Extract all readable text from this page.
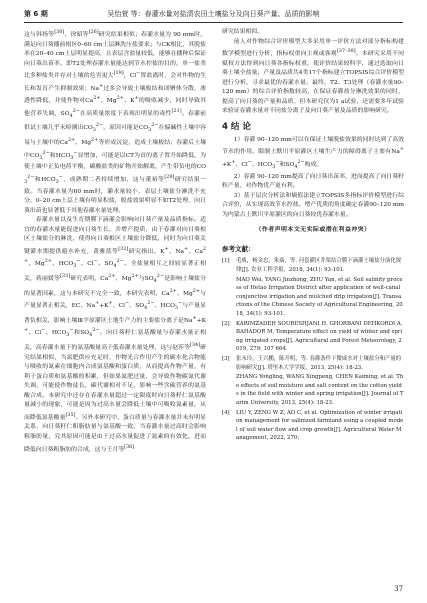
第 6 期	吴怡萱 等：春灌水量对盐渍农田土壤盐分及向日葵产量、品质的影响

这与韩扬等[30]、徐昭等[26]研究结果相似；春灌水量为 90 mm时，满足向日葵播前根区0–60 cm土层淋洗压盐要求；与CK相比，其脱盐率在20–40 cm土层明显提高，且表层含盐量较低，能够在播种后保证向日葵出苗率，即T2处理春灌水量能达到节水控盐的目的，单一盐类比多种盐类并存对土壤的危害更大[19]，Cl−置盐离时，会对作物的生长和发育产生抑制效果；Na+过多会导致土壤板结和团聚体分散，渗透性降低，并使作物对$Ca^{2+}$、$Mg^{2+}$、K+的吸收减少，同时导致其他营养失调，$SO_4^{2-}$在高质量浓度下表现出明显的毒性[21]。春灌前供试土壤几乎未检测出$CO_3^{2-}$，原因可能是$CO_3^{2-}$在偏碱性土壤中容易与土壤中的$Ca^{2+}$、$Mg^{2+}$等形成沉淀，造成土壤板结；春灌后土壤中$CO_3^{2-}$和$HCO_3^-$显增加，可能是以CT为首的离子置升始降低，为使土壤中正负电荷平衡，碳酸盐类的矿物开始解离，产生带负电的$CO_3^{2-}$和$HCO_3^-$，成熟期二者持续增加，这与董裕等[29]研究结果一致。当春灌水量为60 mm时，灌水量较小，表层土壤盐分淋洗不充分，0–20 cm土层土壤有明显积盐，脱盐效果明显不如T2处理，向日葵出苗也显著低于其他春灌水量处理。

春灌水量以及生育期膜下滴灌会影响向日葵产量及品质指标。适宜的春灌水量能促进向日葵生长，并增产提质，由于春灌对向日葵根区土壤盐分的淋洗，使得向日葵根区土壤盐分降低，同时为向日葵关键灌水期提供避水补充，黄雅蓝等[32]研究指出，K+、Na+、$Ca^{2+}$、$Mg^{2+}$、$HCO_3^-$、Cl−、$SO_4^{2-}$、全盐量相互之间较显著正相关，蒋丽媛等[33]研究表明，$Ca^{2+}$、$Mg^{2+}$与$SO_4^{2-}$是影响土壤盐分的显著因素，这与本研究不完全一致，本研究表明，$Ca^{2+}$、$Mg^{2+}$与产量显著正相关，EC、Na++K+、Cl−、$SO_4^{2-}$、$HCO_3^-$与产量显著负相关，影响土壤Ⅲ平原灌区土地生产力的主要盐分离子是Na++K+、Cl−、$HCO_3^-$和$SO_4^{2-}$。向日葵籽仁氨基酸量与春灌水量正相关，高春灌水量下的氨基酸量高于低春灌水量处理，这与赵莎等[34]研究结果相似，当氮肥供应充足时，作物光合作用产生的碳水化合物能与吸收的氮素在细胞内合成氨基酸和蛋白质，从而提高作物产量，有利于蛋白质和氨基酸的积累，但如果氮肥过量，会导致作物碳氮代谢失调，可能使作物徒长，碳代谢相对不足，影响一些含碳营养的氨基酸合成。本研究中还存在春灌水量超过一定限度时向日葵籽仁氨基酸量减小的现象，可能是因为过高水量会降低土壤中可吸收氮素量，从而降低氮基酸量[35]。另外本研究中，蛋白质量与春灌水量并未有明显关系，向日葵籽仁粗脂肪量与氨基酸一致，当春灌水量过高时会影响粗脂肪量，究其原因可能是由于过高水量促进了氮素的有效化，进而降低向日葵粗脂肪的合成，这与王月等[36]

研究结果相似。

前人对作物综合评价模型大多采用单一评价方法对部分指标构建数学模型进行分析，指标权重向主观或客观[37–38]。本研究采用不同赋权方法得到向日葵各指标权重，使评价结果较科学，通过选取向日葵土壤全盐量、产量及品质共4类17个指标建立TOPSIS综合评价模型进行分析，寻求最优的春灌水量。最终，T2、T3处理（春灌水量90–120 mm）的综合评价指数较高，在保证春灌盐分淋洗效果的同时，提高了向日葵的产量和品质。但本研究仅为1 a试验，还需要多年试验来验证春灌水量对不同盐分离子及向日葵产量及品质的影响研究。

4 结 论

1）春灌 90–120 mm可以在保证土壤脱盐效果的同时达到了高效节水的作用。限制土默川平原灌区土壤生产力的障碍离子主要有Na++K+、Cl−、$HCO_3^-$和$SO_4^{2-}$构成。

2）春灌 90–120 mm提高了向日葵出苗率，进而提高了向日葵籽粒产量，对作物优产更有利。

3）基于层次分析法和熵值法建立TOPSIS多指标评价模型进行综合评价，从实现高效节水控盐、增产优质的角度确定春灌90–120 mm为内蒙古土默川平原灌区的向日葵较优春灌水量。

（作者声明本文无实际或潜在利益冲突）

参考文献：

[1]	毛威，杨金忠，朱焱，等. 河套灌区井渠结合膜下滴灌土壤盐分演化规律[J]. 农业工程学报，2018, 34(1): 93-101.
MAO Wei, YANG Jinzhong, ZHU Yan, et al. Soil salinity process of Hetao Irrigation District after application of well-canal conjunctive irrigation and mulched drip irrigation[J]. Transactions of the Chinese Society of Agricultural Engineering, 2018, 34(1): 93-101.
[2]	KARIMZADEH SOURESHJANI H, GHORBANI DEHKORDI A, BAHADOR M. Temperature effect on yield of winter and spring irrigated crops[J]. Agricultural and Forest Meteorology, 2019, 279: 107 664.
[3]	张永玲，王兴鹏，陈开明，等. 春灌条件下微咸水对土壤盐分和产量的影响研究[J]. 塔里木大学学报，2013, 25(4): 18-23.
ZHANG Yongling, WANG Xingpeng, CHEN Kaiming, et al. The effects of soil moisture and salt content on the cotton yields in the field with winter and spring irrigation[J]. Journal of Tarim University, 2013, 25(4): 18-23.
[4]	LIU Y, ZENG W Z, AO C, et al. Optimization of winter irrigation management for salinized farmland using a coupled model of soil water flow and crop growth[J]. Agricultural Water Management, 2022, 270:
37
